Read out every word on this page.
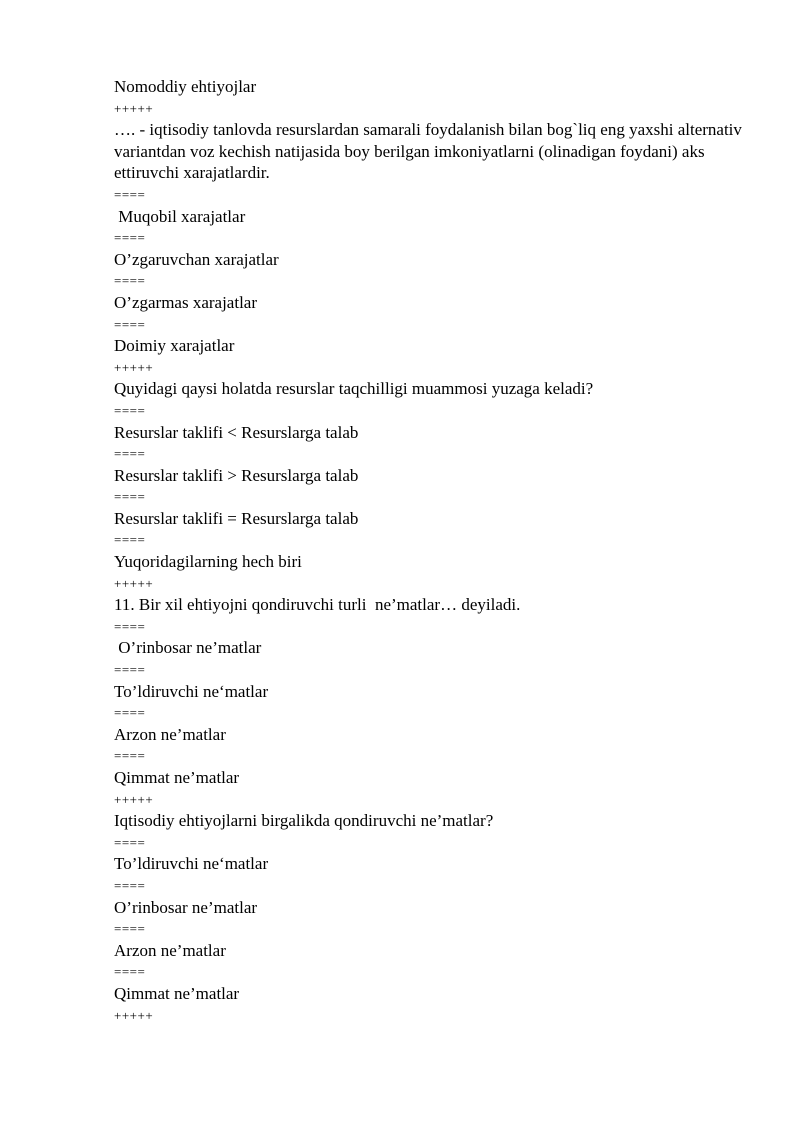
Nomoddiy ehtiyojlar
+++++
…. - iqtisodiy tanlovda resurslardan samarali foydalanish bilan bog`liq eng yaxshi alternativ variantdan voz kechish natijasida boy berilgan imkoniyatlarni (olinadigan foydani) aks ettiruvchi xarajatlardir.
====
Muqobil xarajatlar
====
O’zgaruvchan xarajatlar
====
O’zgarmas xarajatlar
====
Doimiy xarajatlar
+++++
Quyidagi qaysi holatda resurslar taqchilligi muammosi yuzaga keladi?
====
Resurslar taklifi < Resurslarga talab
====
Resurslar taklifi > Resurslarga talab
====
Resurslar taklifi = Resurslarga talab
====
Yuqoridagilarning hech biri
+++++
11. Bir xil ehtiyojni qondiruvchi turli  ne’matlar… deyiladi.
====
O’rinbosar ne’matlar
====
To’ldiruvchi ne‘matlar
====
Arzon ne’matlar
====
Qimmat ne’matlar
+++++
Iqtisodiy ehtiyojlarni birgalikda qondiruvchi ne’matlar?
====
To’ldiruvchi ne‘matlar
====
O’rinbosar ne’matlar
====
Arzon ne’matlar
====
Qimmat ne’matlar
+++++
